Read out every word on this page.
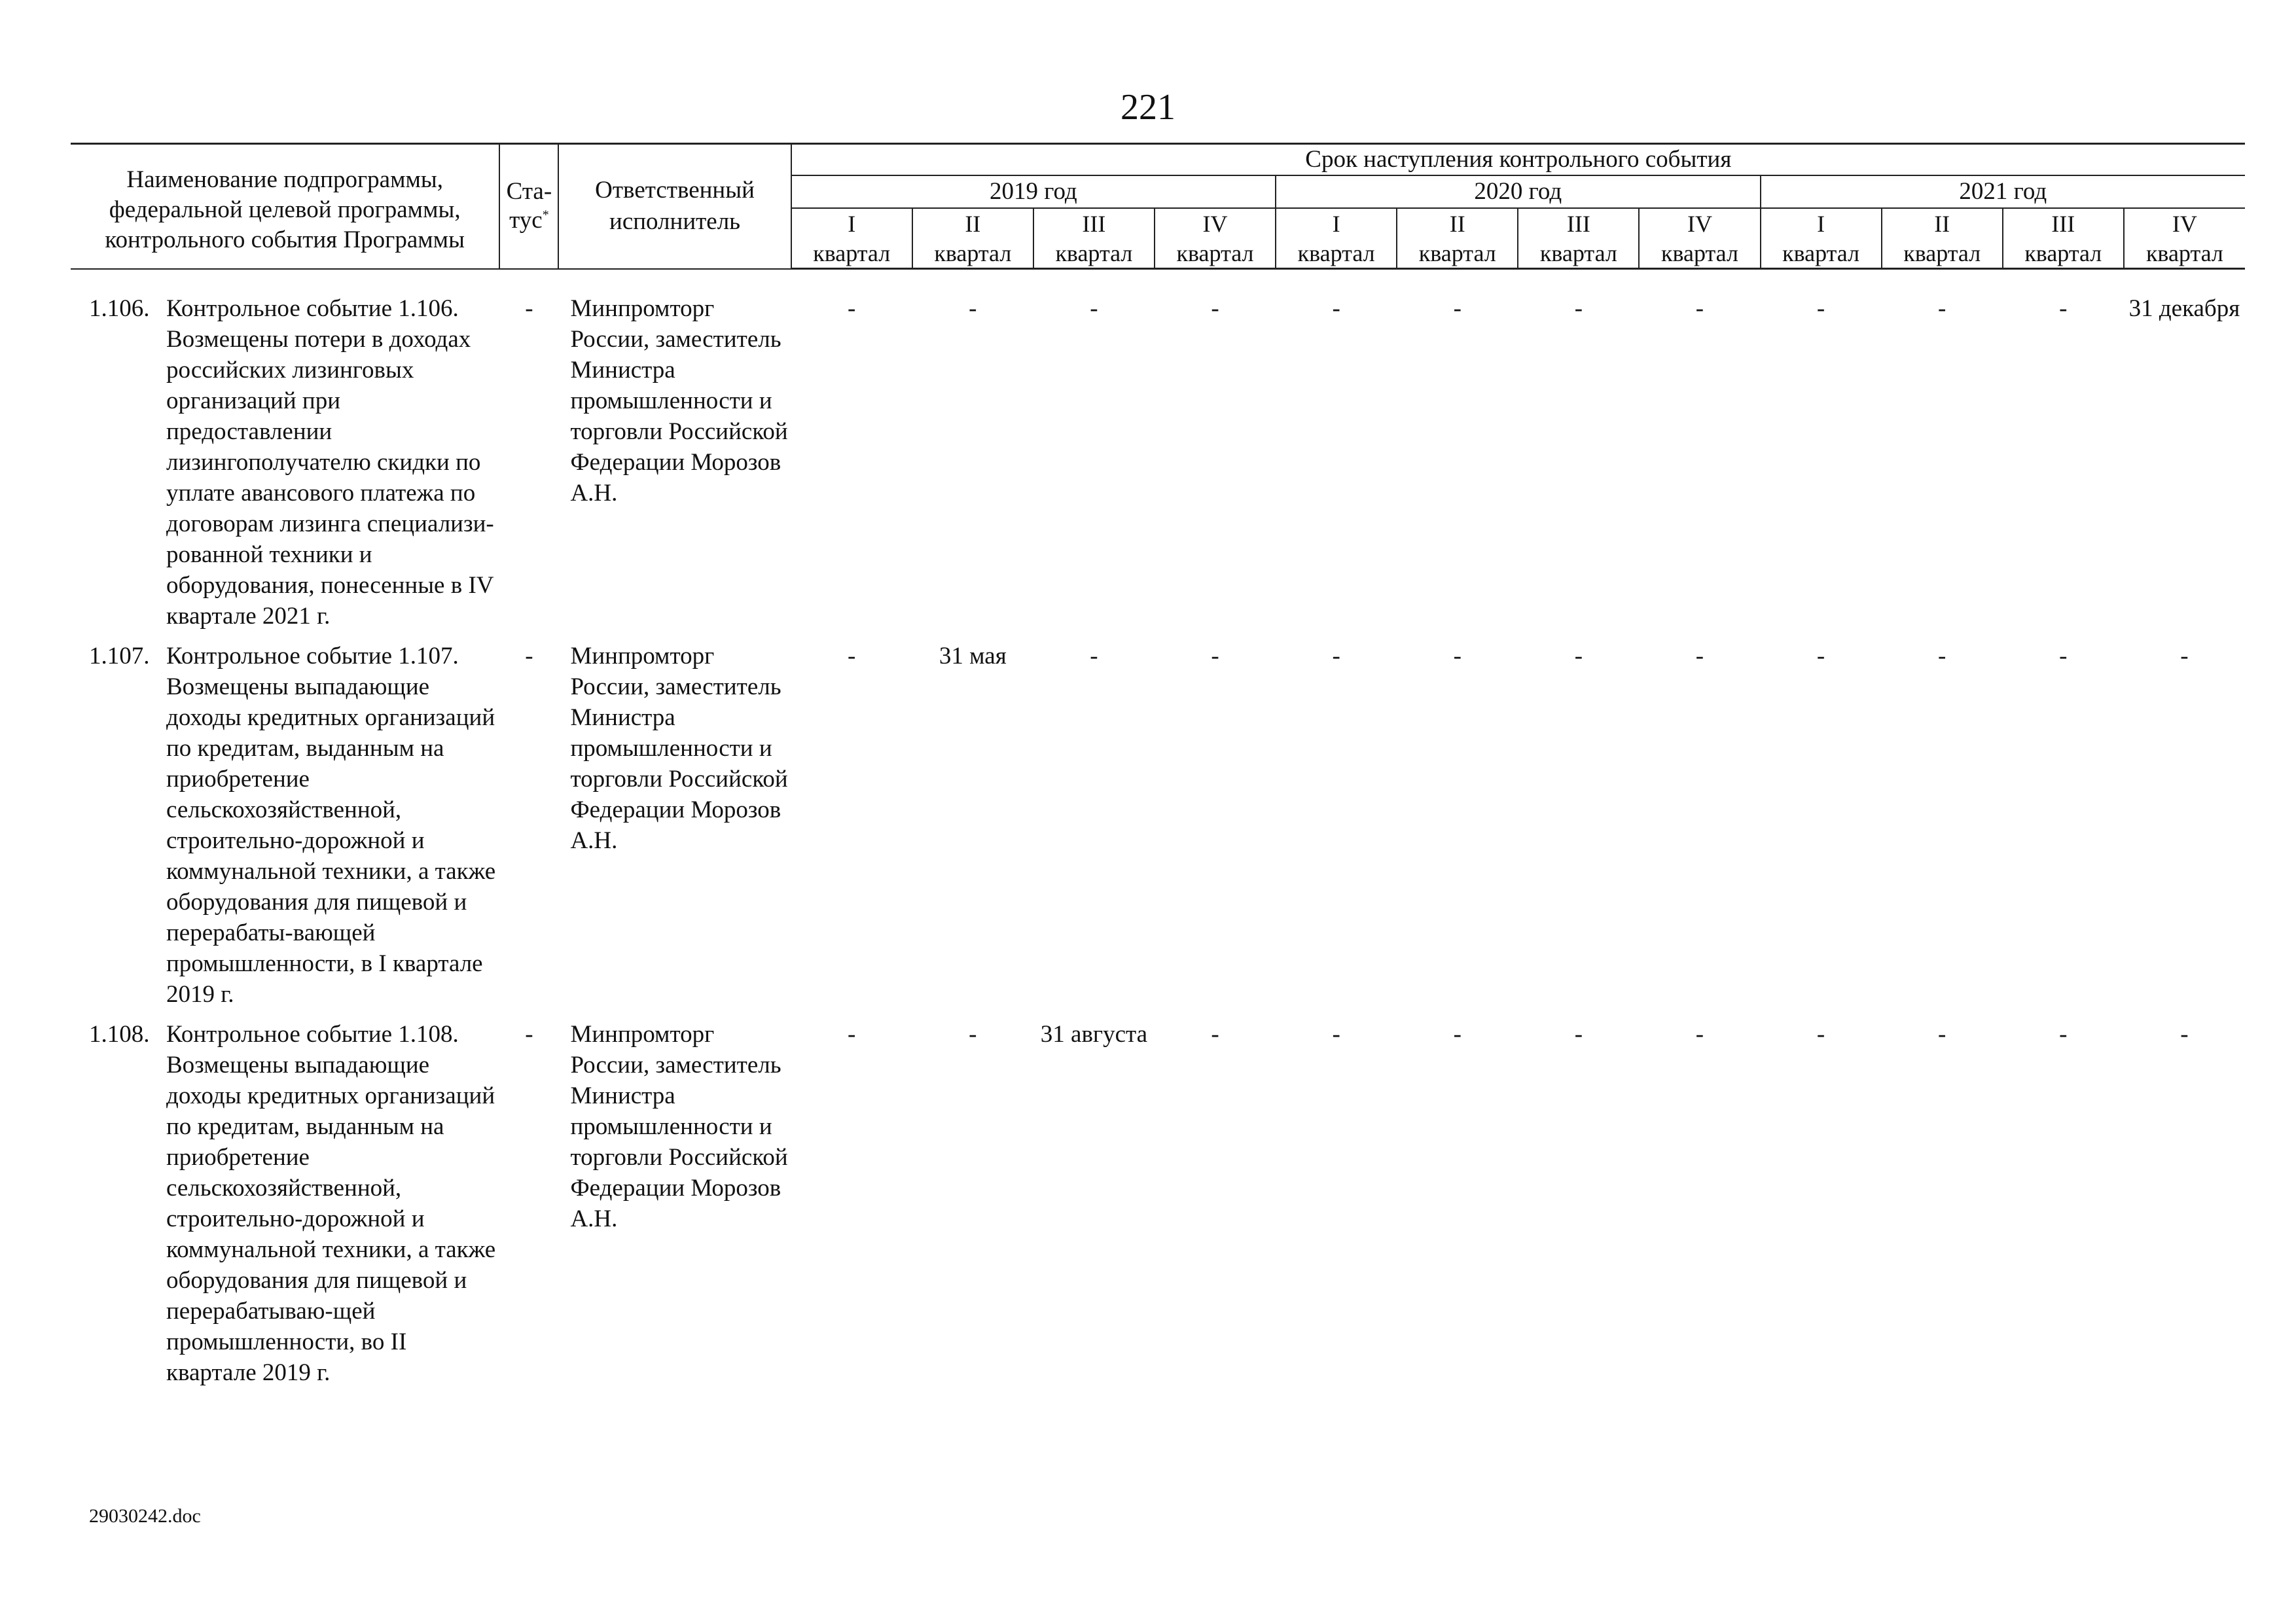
221
Наименование подпрограммы, федеральной целевой программы, контрольного события Программы	Ста-тус*	Ответственный исполнитель	Срок наступления контрольного события											
			2019 год				2020 год				2021 год			
			I	II	III	IV	I	II	III	IV	I	II	III	IV
			квартал	квартал	квартал	квартал	квартал	квартал	квартал	квартал	квартал	квартал	квартал	квартал

1.106. Контрольное событие 1.106. Возмещены потери в доходах российских лизинговых организаций при предоставлении лизингополучателю скидки по уплате авансового платежа по договорам лизинга специализи-рованной техники и оборудования, понесенные в IV квартале 2021 г.	-	Минпромторг России, заместитель Министра промышленности и торговли Российской Федерации Морозов А.Н.	-	-	-	-	-	-	-	-	-	-	-	31 декабря

1.107. Контрольное событие 1.107. Возмещены выпадающие доходы кредитных организаций по кредитам, выданным на приобретение сельскохозяйственной, строительно-дорожной и коммунальной техники, а также оборудования для пищевой и перерабаты-вающей промышленности, в I квартале 2019 г.	-	Минпромторг России, заместитель Министра промышленности и торговли Российской Федерации Морозов А.Н.	-	31 мая	-	-	-	-	-	-	-	-	-	-

1.108. Контрольное событие 1.108. Возмещены выпадающие доходы кредитных организаций по кредитам, выданным на приобретение сельскохозяйственной, строительно-дорожной и коммунальной техники, а также оборудования для пищевой и перерабатываю-щей промышленности, во II квартале 2019 г.	-	Минпромторг России, заместитель Министра промышленности и торговли Российской Федерации Морозов А.Н.	-	-	31 августа	-	-	-	-	-	-	-	-	-
29030242.doc
